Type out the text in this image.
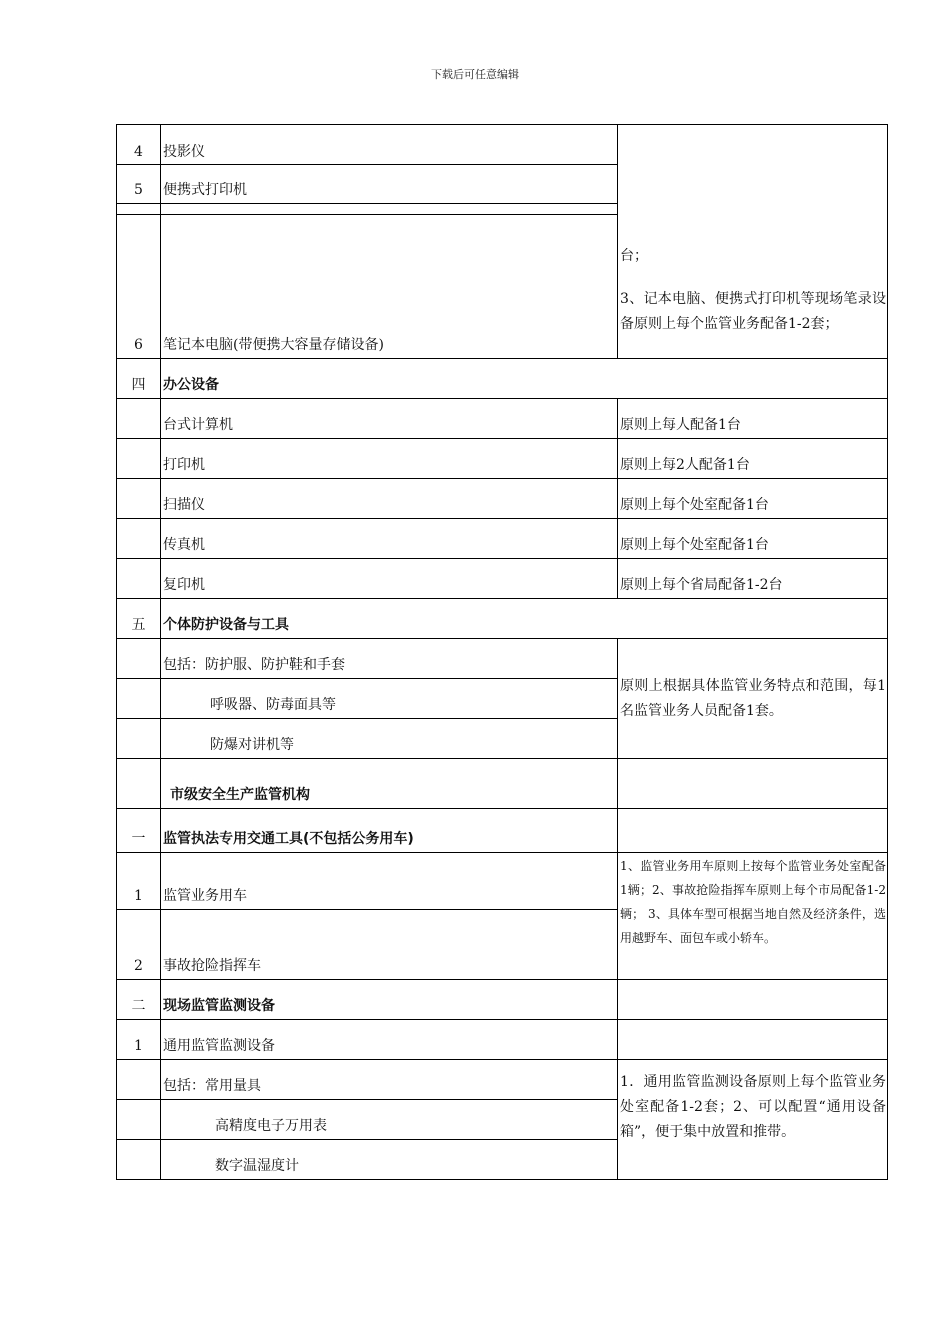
下载后可任意编辑
4	投影仪
5	便携式打印机
6	笔记本电脑(带便携大容量存储设备)
台；
3、记本电脑、便携式打印机等现场笔录设备原则上每个监管业务配备1-2套；
四	办公设备
台式计算机	原则上每人配备1台
打印机	原则上每2人配备1台
扫描仪	原则上每个处室配备1台
传真机	原则上每个处室配备1台
复印机	原则上每个省局配备1-2台
五	个体防护设备与工具
包括：防护服、防护鞋和手套
呼吸器、防毒面具等
防爆对讲机等
原则上根据具体监管业务特点和范围，每1名监管业务人员配备1套。
市级安全生产监管机构
一	监管执法专用交通工具(不包括公务用车)
1	监管业务用车
2	事故抢险指挥车
1、监管业务用车原则上按每个监管业务处室配备1辆；2、事故抢险指挥车原则上每个市局配备1-2辆； 3、具体车型可根据当地自然及经济条件，选用越野车、面包车或小轿车。
二	现场监管监测设备
1	通用监管监测设备
包括：常用量具
高精度电子万用表
数字温湿度计
1．通用监管监测设备原则上每个监管业务处室配备1-2套；2、可以配置“通用设备箱”，便于集中放置和推带。
